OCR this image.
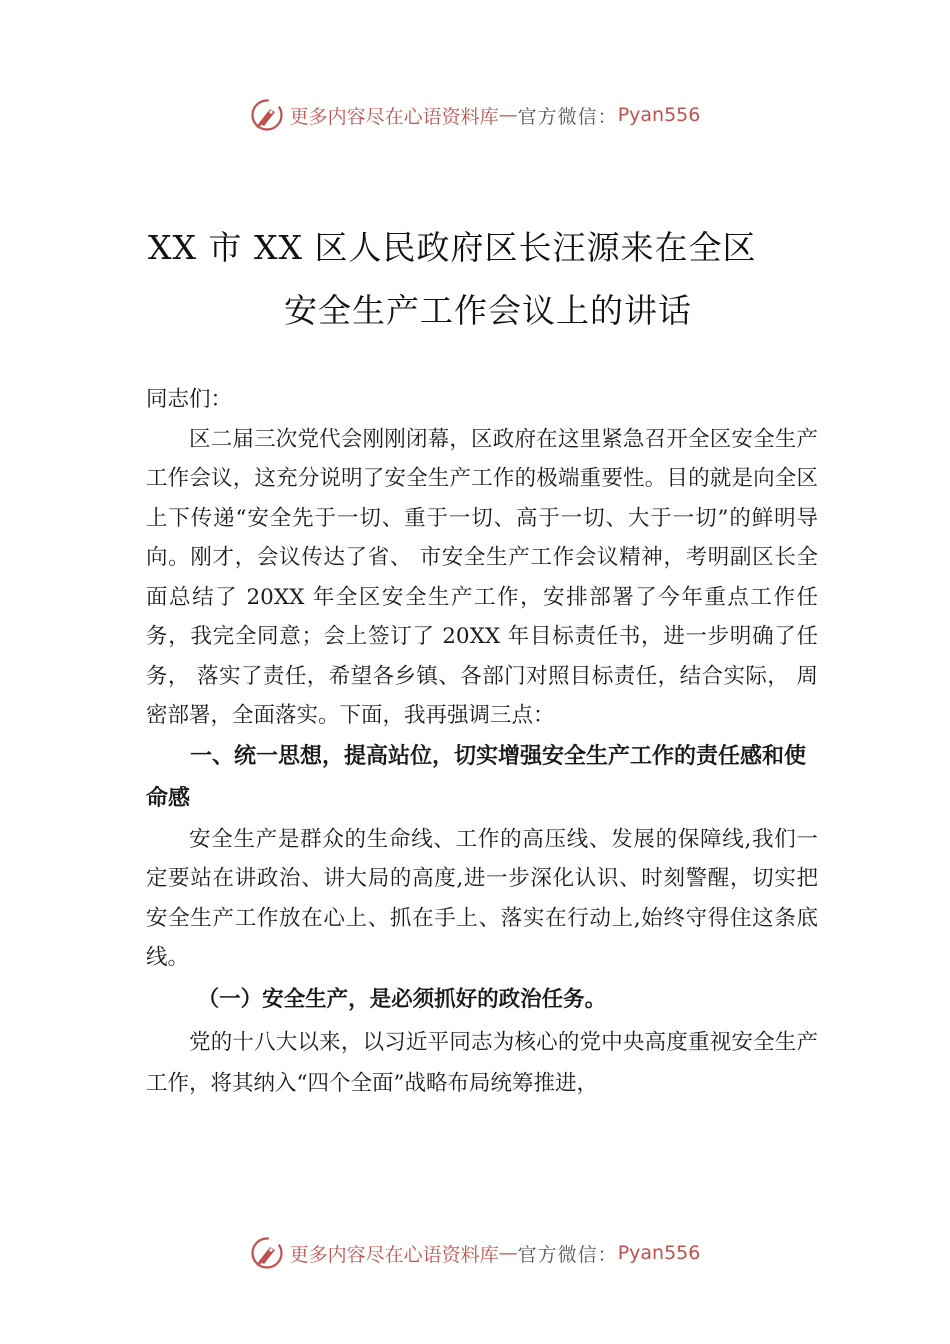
更多内容尽在心语资料库 — 官方微信： Pyan556
XX 市 XX 区人民政府区长汪源来在全区
安全生产工作会议上的讲话

同志们：

区二届三次党代会刚刚闭幕，区政府在这里紧急召开全区安全生产工作会议，这充分说明了安全生产工作的极端重要性。目的就是向全区上下传递“安全先于一切、重于一切、高于一切、大于一切”的鲜明导向。刚才，会议传达了省、 市安全生产工作会议精神，考明副区长全面总结了 20XX 年全区安全生产工作，安排部署了今年重点工作任务，我完全同意；会上签订了 20XX 年目标责任书，进一步明确了任务， 落实了责任，希望各乡镇、各部门对照目标责任，结合实际， 周密部署，全面落实。下面，我再强调三点：

一、统一思想，提高站位，切实增强安全生产工作的责任感和使命感

安全生产是群众的生命线、工作的高压线、发展的保障线,我们一定要站在讲政治、讲大局的高度,进一步深化认识、时刻警醒，切实把安全生产工作放在心上、抓在手上、落实在行动上,始终守得住这条底线。

（一）安全生产，是必须抓好的政治任务。

党的十八大以来，以习近平同志为核心的党中央高度重视安全生产工作，将其纳入“四个全面”战略布局统筹推进，

更多内容尽在心语资料库 — 官方微信： Pyan556
